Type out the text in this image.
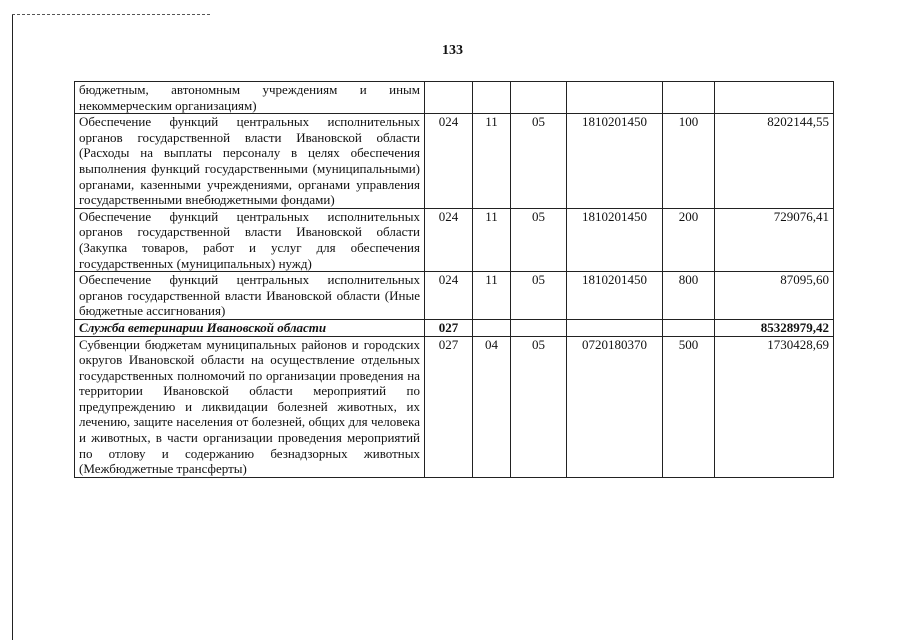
133
бюджетным, автономным учреждениям и иным некоммерческим организациям)						
Обеспечение функций центральных исполнительных органов государственной власти Ивановской области (Расходы на выплаты персоналу в целях обеспечения выполнения функций государственными (муниципальными) органами, казенными учреждениями, органами управления государственными внебюджетными фондами)	024	11	05	1810201450	100	8202144,55
Обеспечение функций центральных исполнительных органов государственной власти Ивановской области (Закупка товаров, работ и услуг для обеспечения государственных (муниципальных) нужд)	024	11	05	1810201450	200	729076,41
Обеспечение функций центральных исполнительных органов государственной власти Ивановской области (Иные бюджетные ассигнования)	024	11	05	1810201450	800	87095,60
Служба ветеринарии Ивановской области	027					85328979,42
Субвенции бюджетам муниципальных районов и городских округов Ивановской области на осуществление отдельных государственных полномочий по организации проведения на территории Ивановской области мероприятий по предупреждению и ликвидации болезней животных, их лечению, защите населения от болезней, общих для человека и животных, в части организации проведения мероприятий по отлову и содержанию безнадзорных животных (Межбюджетные трансферты)	027	04	05	0720180370	500	1730428,69
